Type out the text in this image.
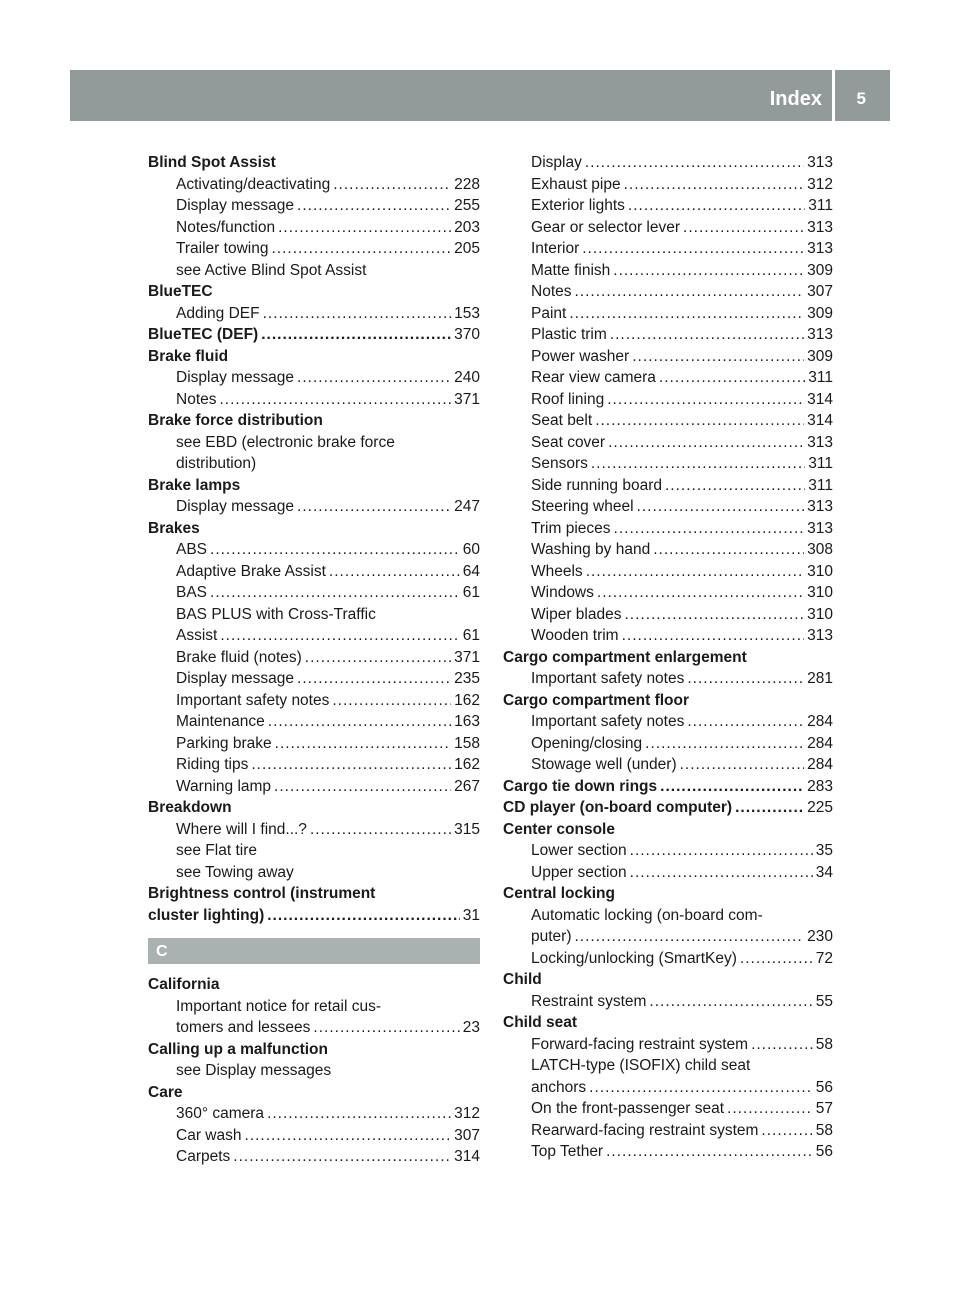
Index 5
Blind Spot Assist
Activating/deactivating .....	228
Display message .....	255
Notes/function .....	203
Trailer towing .....	205
see Active Blind Spot Assist
BlueTEC
Adding DEF .....	153
BlueTEC (DEF) .....	370
Brake fluid
Display message .....	240
Notes .....	371
Brake force distribution
see EBD (electronic brake force
distribution)
Brake lamps
Display message .....	247
Brakes
ABS .....	60
Adaptive Brake Assist .....	64
BAS .....	61
BAS PLUS with Cross-Traffic
Assist .....	61
Brake fluid (notes) .....	371
Display message .....	235
Important safety notes .....	162
Maintenance .....	163
Parking brake .....	158
Riding tips .....	162
Warning lamp .....	267
Breakdown
Where will I find...? .....	315
see Flat tire
see Towing away
Brightness control (instrument
cluster lighting) .....	31
C
California
Important notice for retail cus-
tomers and lessees .....	23
Calling up a malfunction
see Display messages
Care
360° camera .....	312
Car wash .....	307
Carpets .....	314
Display .....	313
Exhaust pipe .....	312
Exterior lights .....	311
Gear or selector lever .....	313
Interior .....	313
Matte finish .....	309
Notes .....	307
Paint .....	309
Plastic trim .....	313
Power washer .....	309
Rear view camera .....	311
Roof lining .....	314
Seat belt .....	314
Seat cover .....	313
Sensors .....	311
Side running board .....	311
Steering wheel .....	313
Trim pieces .....	313
Washing by hand .....	308
Wheels .....	310
Windows .....	310
Wiper blades .....	310
Wooden trim .....	313
Cargo compartment enlargement
Important safety notes .....	281
Cargo compartment floor
Important safety notes .....	284
Opening/closing .....	284
Stowage well (under) .....	284
Cargo tie down rings .....	283
CD player (on-board computer) .....	225
Center console
Lower section .....	35
Upper section .....	34
Central locking
Automatic locking (on-board com-
puter) .....	230
Locking/unlocking (SmartKey) .....	72
Child
Restraint system .....	55
Child seat
Forward-facing restraint system .....	58
LATCH-type (ISOFIX) child seat
anchors .....	56
On the front-passenger seat .....	57
Rearward-facing restraint system .....	58
Top Tether .....	56
